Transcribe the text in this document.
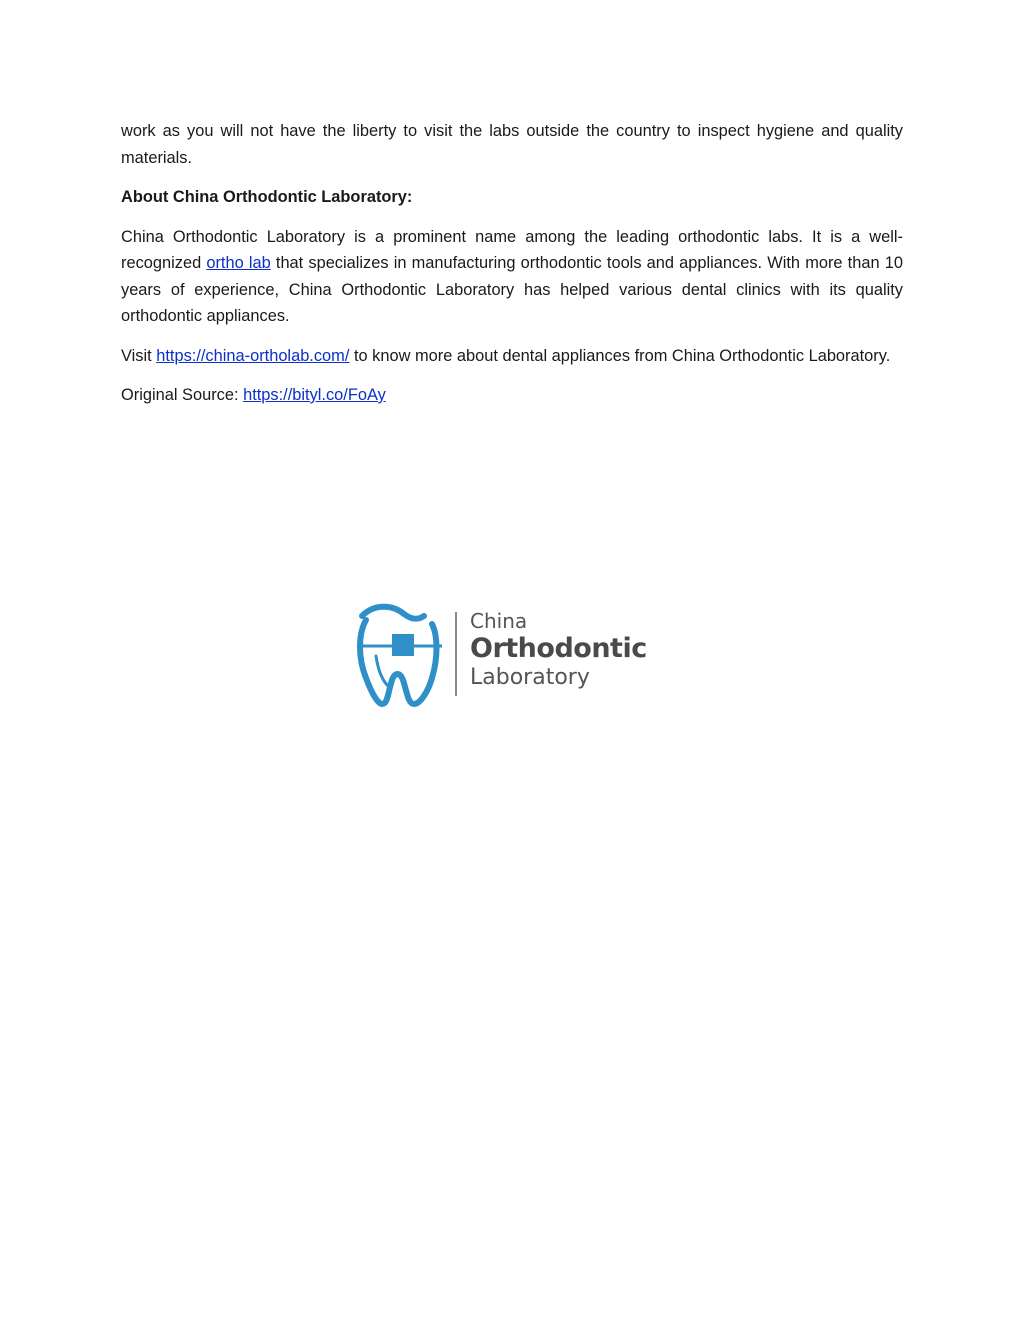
work as you will not have the liberty to visit the labs outside the country to inspect hygiene and quality materials.

About China Orthodontic Laboratory:

China Orthodontic Laboratory is a prominent name among the leading orthodontic labs. It is a well-recognized ortho lab that specializes in manufacturing orthodontic tools and appliances. With more than 10 years of experience, China Orthodontic Laboratory has helped various dental clinics with its quality orthodontic appliances.

Visit https://china-ortholab.com/ to know more about dental appliances from China Orthodontic Laboratory.

Original Source: https://bityl.co/FoAy

China
Orthodontic
Laboratory
